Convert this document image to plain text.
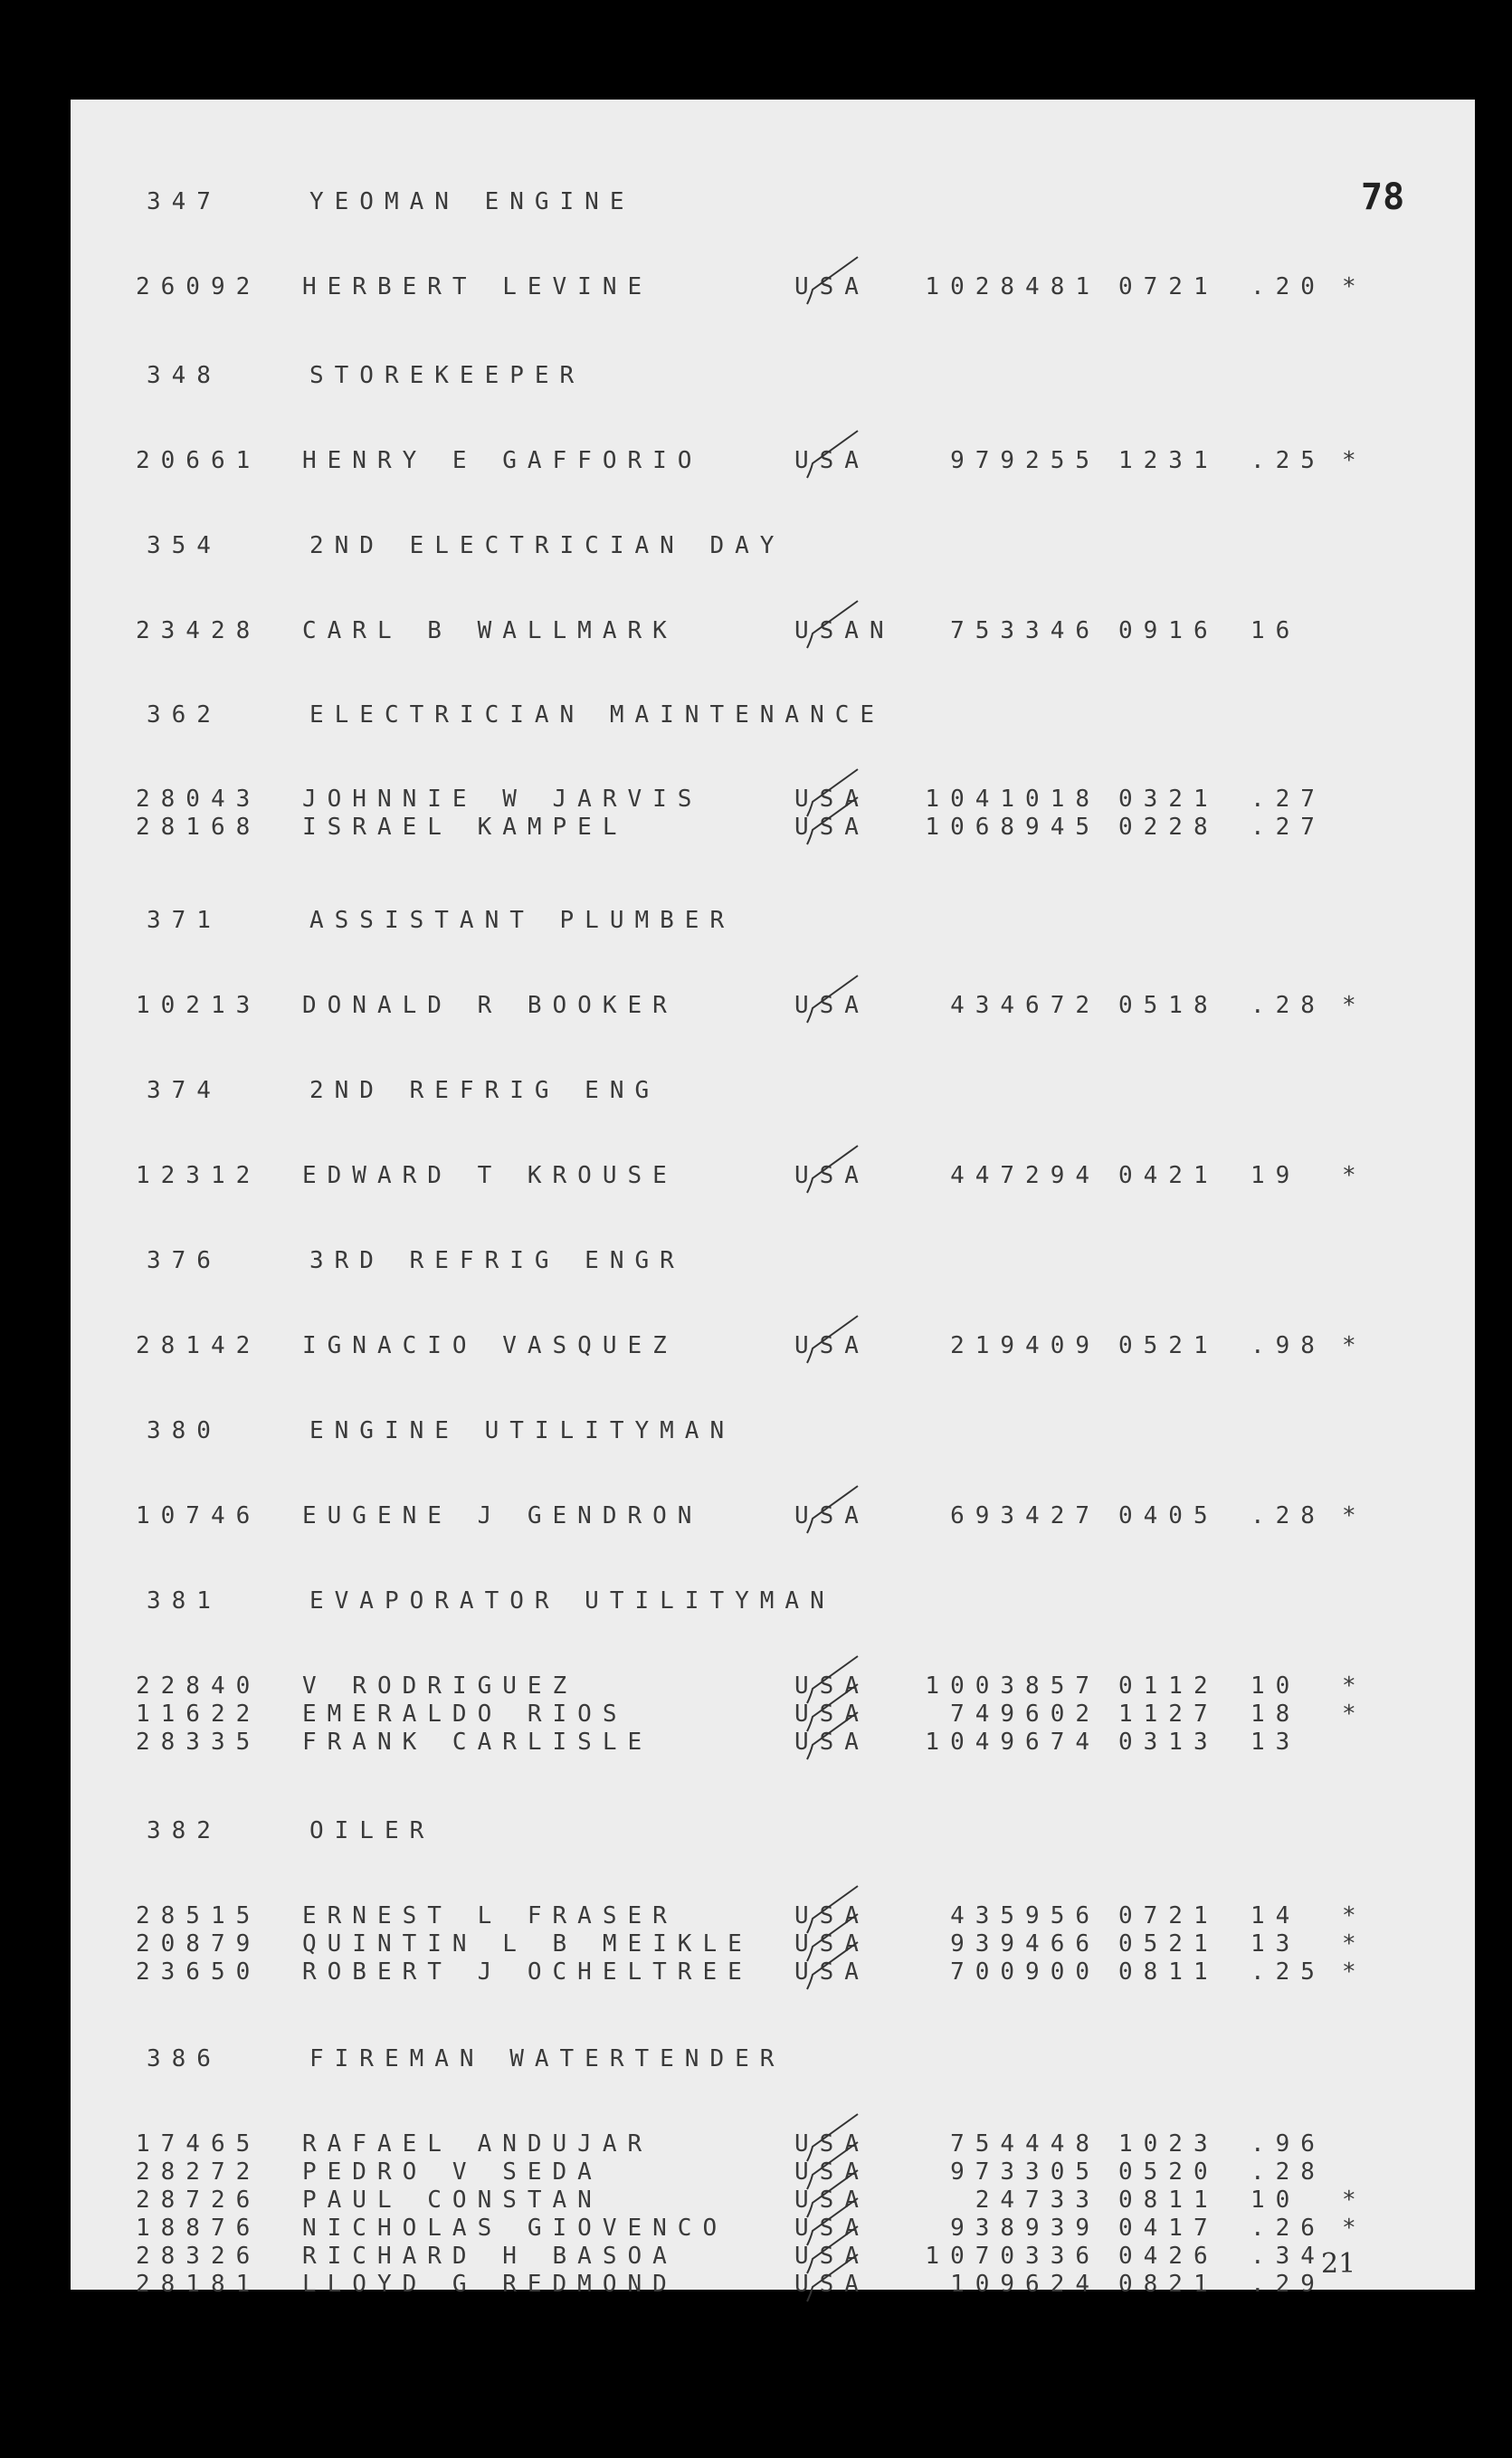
78
21
347	YEOMAN ENGINE
26092 HERBERT LEVINE	USA	1028481 0721 .20 *
348	STOREKEEPER
20661 HENRY E GAFFORIO	USA	979255 1231 .25 *
354	2ND ELECTRICIAN DAY
23428 CARL B WALLMARK	USAN	753346 0916 16
362	ELECTRICIAN MAINTENANCE
28043 JOHNNIE W JARVIS	USA	1041018 0321 .27
28168 ISRAEL KAMPEL	USA	1068945 0228 .27
371	ASSISTANT PLUMBER
10213 DONALD R BOOKER	USA	434672 0518 .28 *
374	2ND REFRIG ENG
12312 EDWARD T KROUSE	USA	447294 0421 19 *
376	3RD REFRIG ENGR
28142 IGNACIO VASQUEZ	USA	219409 0521 .98 *
380	ENGINE UTILITYMAN
10746 EUGENE J GENDRON	USA	693427 0405 .28 *
381	EVAPORATOR UTILITYMAN
22840 V RODRIGUEZ	USA	1003857 0112 10 *
11622 EMERALDO RIOS	USA	749602 1127 18 *
28335 FRANK CARLISLE	USA	1049674 0313 13
382	OILER
28515 ERNEST L FRASER	USA	435956 0721 14 *
20879 QUINTIN L B MEIKLE USA	939466 0521 13 *
23650 ROBERT J OCHELTREE USA	700900 0811 .25 *
386	FIREMAN WATERTENDER
17465 RAFAEL ANDUJAR	USA	754448 1023 .96
28272 PEDRO V SEDA	USA	973305 0520 .28
28726 PAUL CONSTAN	USA	24733 0811 10 *
18876 NICHOLAS GIOVENCO	USA	938939 0417 .26 *
28326 RICHARD H BASOA	USA	1070336 0426 .34
28181 LLOYD G REDMOND	USA	109624 0821 .29
